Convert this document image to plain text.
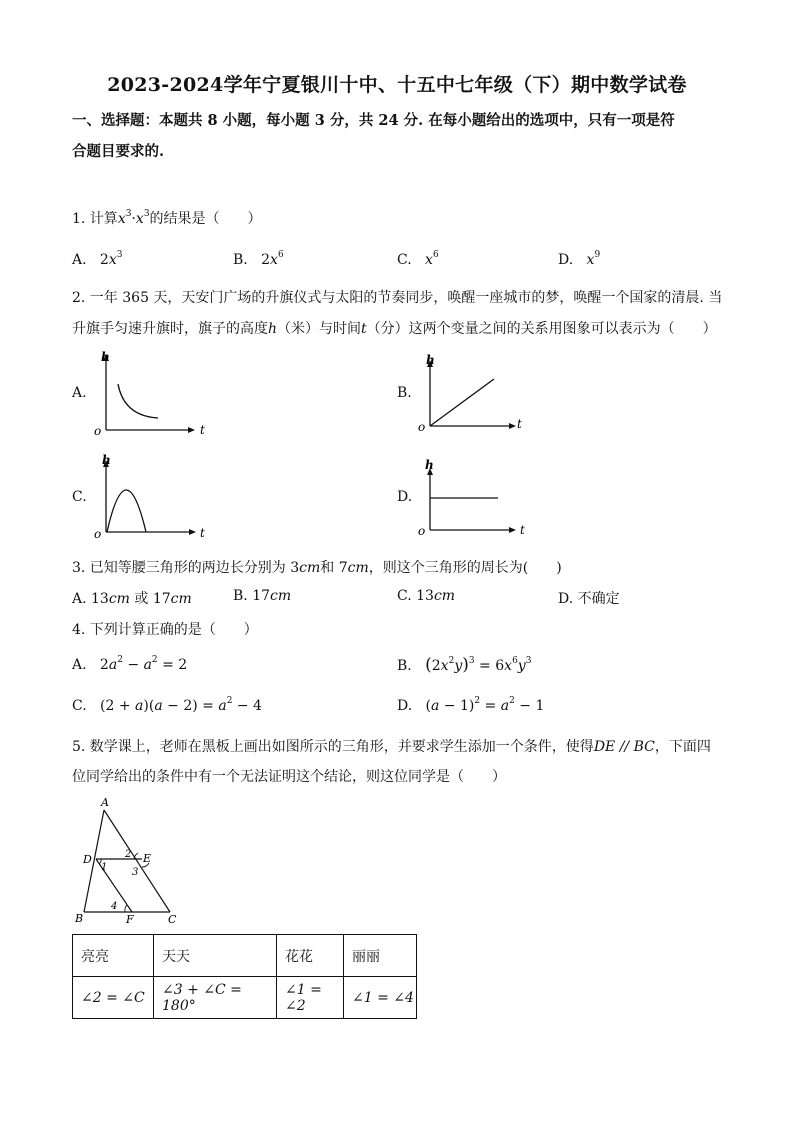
2023-2024学年宁夏银川十中、十五中七年级（下）期中数学试卷
一、选择题：本题共 8 小题，每小题 3 分，共 24 分. 在每小题给出的选项中，只有一项是符
合题目要求的.
1. 计算$x^3\cdot x^3$的结果是（　　）
A. $2x^3$	B. $2x^6$	C. $x^6$	D. $x^9$
2. 一年 365 天，天安门广场的升旗仪式与太阳的节奏同步，唤醒一座城市的梦，唤醒一个国家的清晨. 当
升旗手匀速升旗时，旗子的高度h（米）与时间t（分）这两个变量之间的关系用图象可以表示为（　　）
A.
h
t
o
B.
h
t
o
C.
h
t
o
D.
h
t
o
3. 已知等腰三角形的两边长分别为 3cm和 7cm，则这个三角形的周长为(　　)
A. 13cm 或 17cm	B. 17cm	C. 13cm	D. 不确定
4. 下列计算正确的是（　　）
A.   $2a^2 - a^2 = 2$	B. $(2x^2y)^3 = 6x^6y^3$
C.   $(2 + a)(a - 2) = a^2 - 4$	D.   $(a - 1)^2 = a^2 - 1$
5. 数学课上，老师在黑板上画出如图所示的三角形，并要求学生添加一个条件，使得DE // BC，下面四
位同学给出的条件中有一个无法证明这个结论，则这位同学是（　　）
A
D	E
B	F	C
1
2
3
4
亮亮	天天	花花	丽丽
∠2 = ∠C	∠3 + ∠C = 180°	∠1 = ∠2	∠1 = ∠4
